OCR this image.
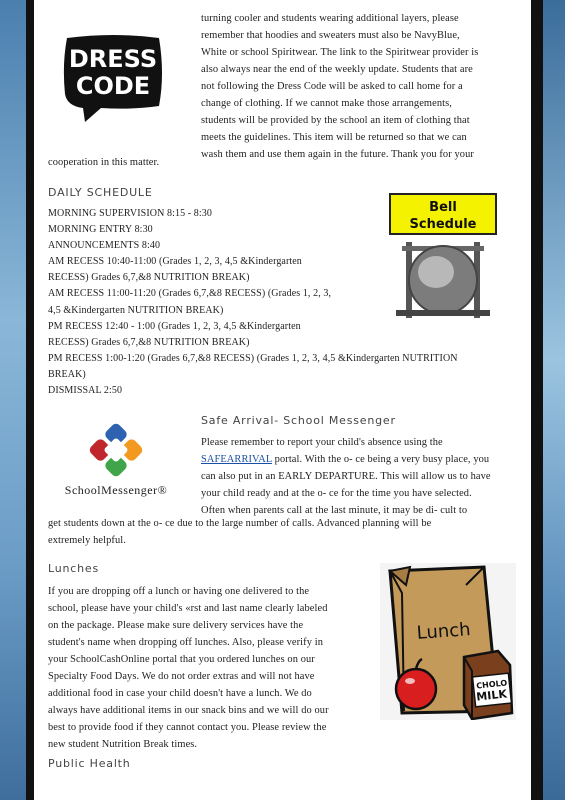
DRESS
CODE
turning cooler and students wearing additional layers, please
remember that hoodies and sweaters must also be NavyBlue,
White or school Spiritwear. The link to the Spiritwear provider is
also always near the end of the weekly update. Students that are
not following the Dress Code will be asked to call home for a
change of clothing. If we cannot make those arrangements,
students will be provided by the school an item of clothing that
meets the guidelines. This item will be returned so that we can
wash them and use them again in the future. Thank you for your
cooperation in this matter.
DAILY SCHEDULE
MORNING SUPERVISION 8:15 - 8:30
MORNING ENTRY 8:30
ANNOUNCEMENTS 8:40
AM RECESS 10:40-11:00 (Grades 1, 2, 3, 4,5 &Kindergarten
RECESS) Grades 6,7,&8 NUTRITION BREAK)
AM RECESS 11:00-11:20 (Grades 6,7,&8 RECESS) (Grades 1, 2, 3,
4,5 &Kindergarten NUTRITION BREAK)
PM RECESS 12:40 - 1:00 (Grades 1, 2, 3, 4,5 &Kindergarten
RECESS) Grades 6,7,&8 NUTRITION BREAK)
PM RECESS 1:00-1:20 (Grades 6,7,&8 RECESS) (Grades 1, 2, 3, 4,5 &Kindergarten NUTRITION
BREAK)
DISMISSAL 2:50
Bell
Schedule
SchoolMessenger®
Safe Arrival- School Messenger
Please remember to report your child's absence using the
SAFEARRIVAL portal. With the o- ce being a very busy place, you
can also put in an EARLY DEPARTURE. This will allow us to have
your child ready and at the o- ce for the time you have selected.
Often when parents call at the last minute, it may be di- cult to
get students down at the o- ce due to the large number of calls. Advanced planning will be
extremely helpful.
Lunches
If you are dropping off a lunch or having one delivered to the
school, please have your child's «rst and last name clearly labeled
on the package. Please make sure delivery services have the
student's name when dropping off lunches. Also, please verify in
your SchoolCashOnline portal that you ordered lunches on our
Specialty Food Days. We do not order extras and will not have
additional food in case your child doesn't have a lunch. We do
always have additional items in our snack bins and we will do our
best to provide food if they cannot contact you. Please review the
new student Nutrition Break times.
Lunch
CHOLO
MILK
Public Health
